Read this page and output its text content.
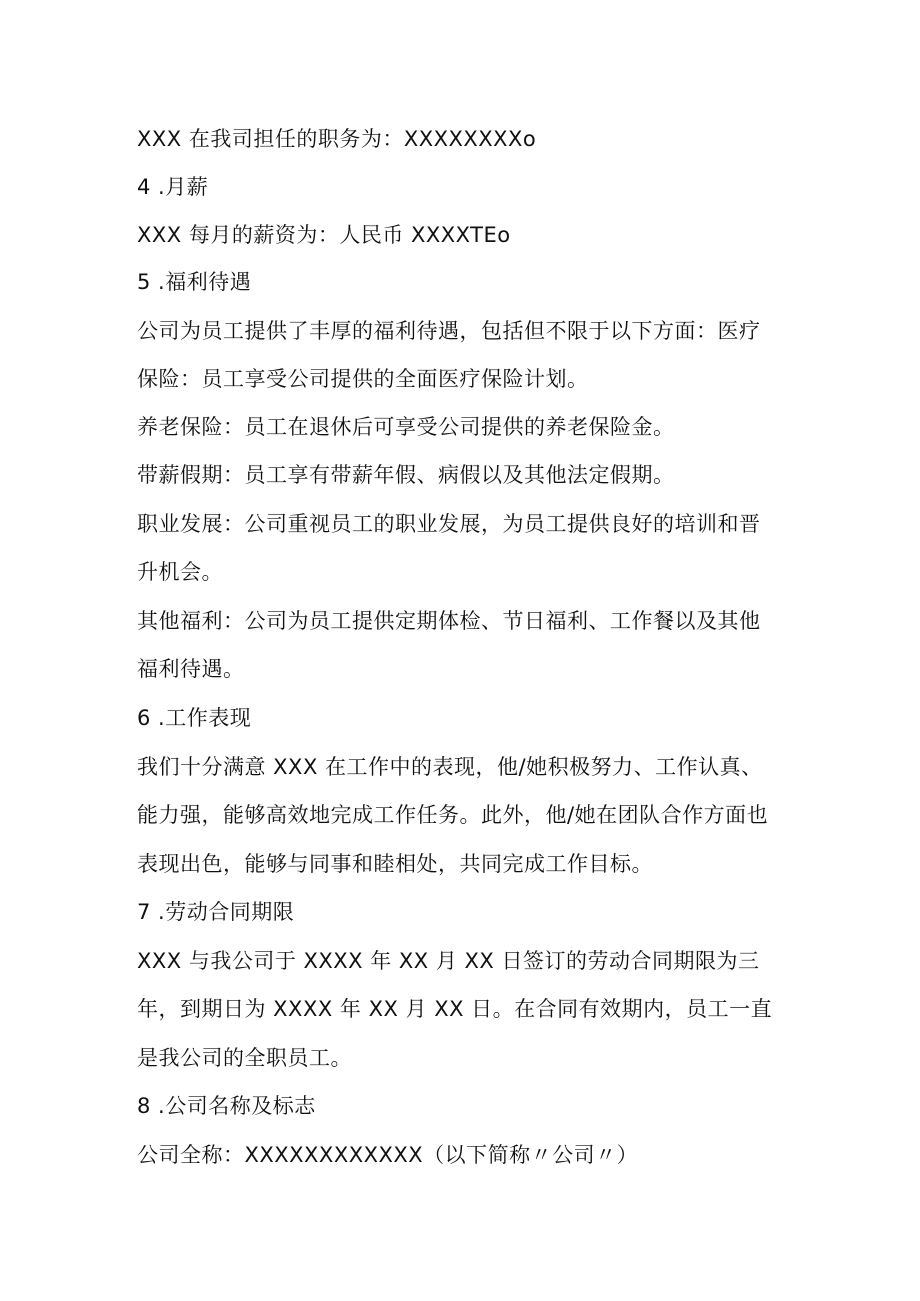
XXX 在我司担任的职务为：XXXXXXXXo
4 .月薪
XXX 每月的薪资为：人民币 XXXXTEo
5 .福利待遇
公司为员工提供了丰厚的福利待遇，包括但不限于以下方面：医疗
保险：员工享受公司提供的全面医疗保险计划。
养老保险：员工在退休后可享受公司提供的养老保险金。
带薪假期：员工享有带薪年假、病假以及其他法定假期。
职业发展：公司重视员工的职业发展，为员工提供良好的培训和晋
升机会。
其他福利：公司为员工提供定期体检、节日福利、工作餐以及其他
福利待遇。
6 .工作表现
我们十分满意 XXX 在工作中的表现，他/她积极努力、工作认真、
能力强，能够高效地完成工作任务。此外，他/她在团队合作方面也
表现出色，能够与同事和睦相处，共同完成工作目标。
7 .劳动合同期限
XXX 与我公司于 XXXX 年 XX 月 XX 日签订的劳动合同期限为三
年，到期日为 XXXX 年 XX 月 XX 日。在合同有效期内，员工一直
是我公司的全职员工。
8 .公司名称及标志
公司全称：XXXXXXXXXXXX（以下简称〃公司〃）
